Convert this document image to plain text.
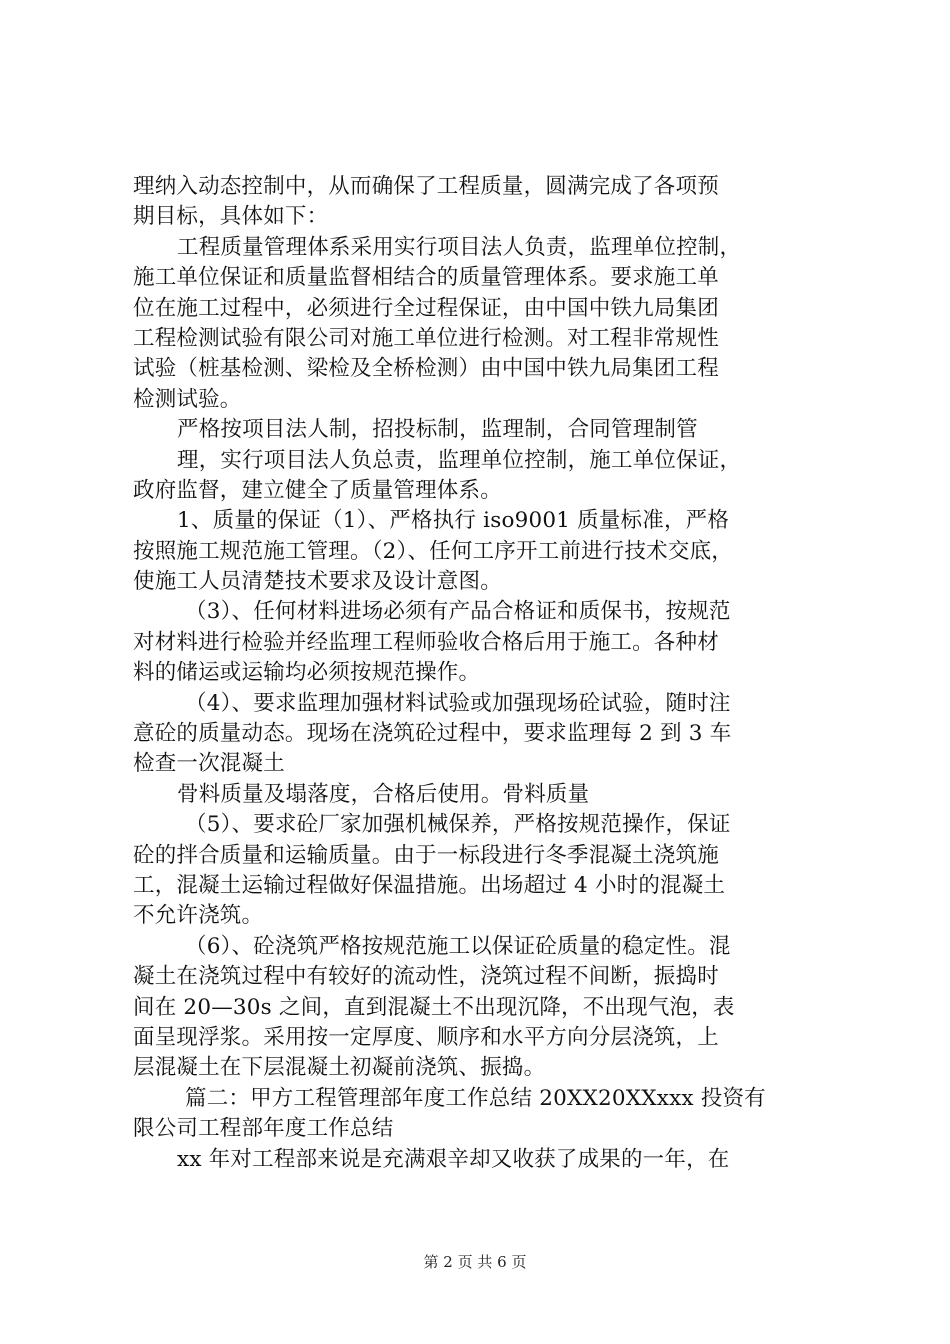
理纳入动态控制中，从而确保了工程质量，圆满完成了各项预
期目标，具体如下：
工程质量管理体系采用实行项目法人负责，监理单位控制，
施工单位保证和质量监督相结合的质量管理体系。要求施工单
位在施工过程中，必须进行全过程保证，由中国中铁九局集团
工程检测试验有限公司对施工单位进行检测。对工程非常规性
试验（桩基检测、梁检及全桥检测）由中国中铁九局集团工程
检测试验。
严格按项目法人制，招投标制，监理制，合同管理制管
理，实行项目法人负总责，监理单位控制，施工单位保证，
政府监督，建立健全了质量管理体系。
1、质量的保证（1）、严格执行 iso9001 质量标准，严格
按照施工规范施工管理。（2）、任何工序开工前进行技术交底，
使施工人员清楚技术要求及设计意图。
（3）、任何材料进场必须有产品合格证和质保书，按规范
对材料进行检验并经监理工程师验收合格后用于施工。各种材
料的储运或运输均必须按规范操作。
（4）、要求监理加强材料试验或加强现场砼试验，随时注
意砼的质量动态。现场在浇筑砼过程中，要求监理每 2 到 3 车
检查一次混凝土
骨料质量及塌落度，合格后使用。骨料质量
（5）、要求砼厂家加强机械保养，严格按规范操作，保证
砼的拌合质量和运输质量。由于一标段进行冬季混凝土浇筑施
工，混凝土运输过程做好保温措施。出场超过 4 小时的混凝土
不允许浇筑。
（6）、砼浇筑严格按规范施工以保证砼质量的稳定性。混
凝土在浇筑过程中有较好的流动性，浇筑过程不间断，振捣时
间在 20—30s 之间，直到混凝土不出现沉降，不出现气泡，表
面呈现浮浆。采用按一定厚度、顺序和水平方向分层浇筑，上
层混凝土在下层混凝土初凝前浇筑、振捣。
篇二：甲方工程管理部年度工作总结 20XX20XXxxx 投资有
限公司工程部年度工作总结
xx 年对工程部来说是充满艰辛却又收获了成果的一年，在
第 2 页 共 6 页
